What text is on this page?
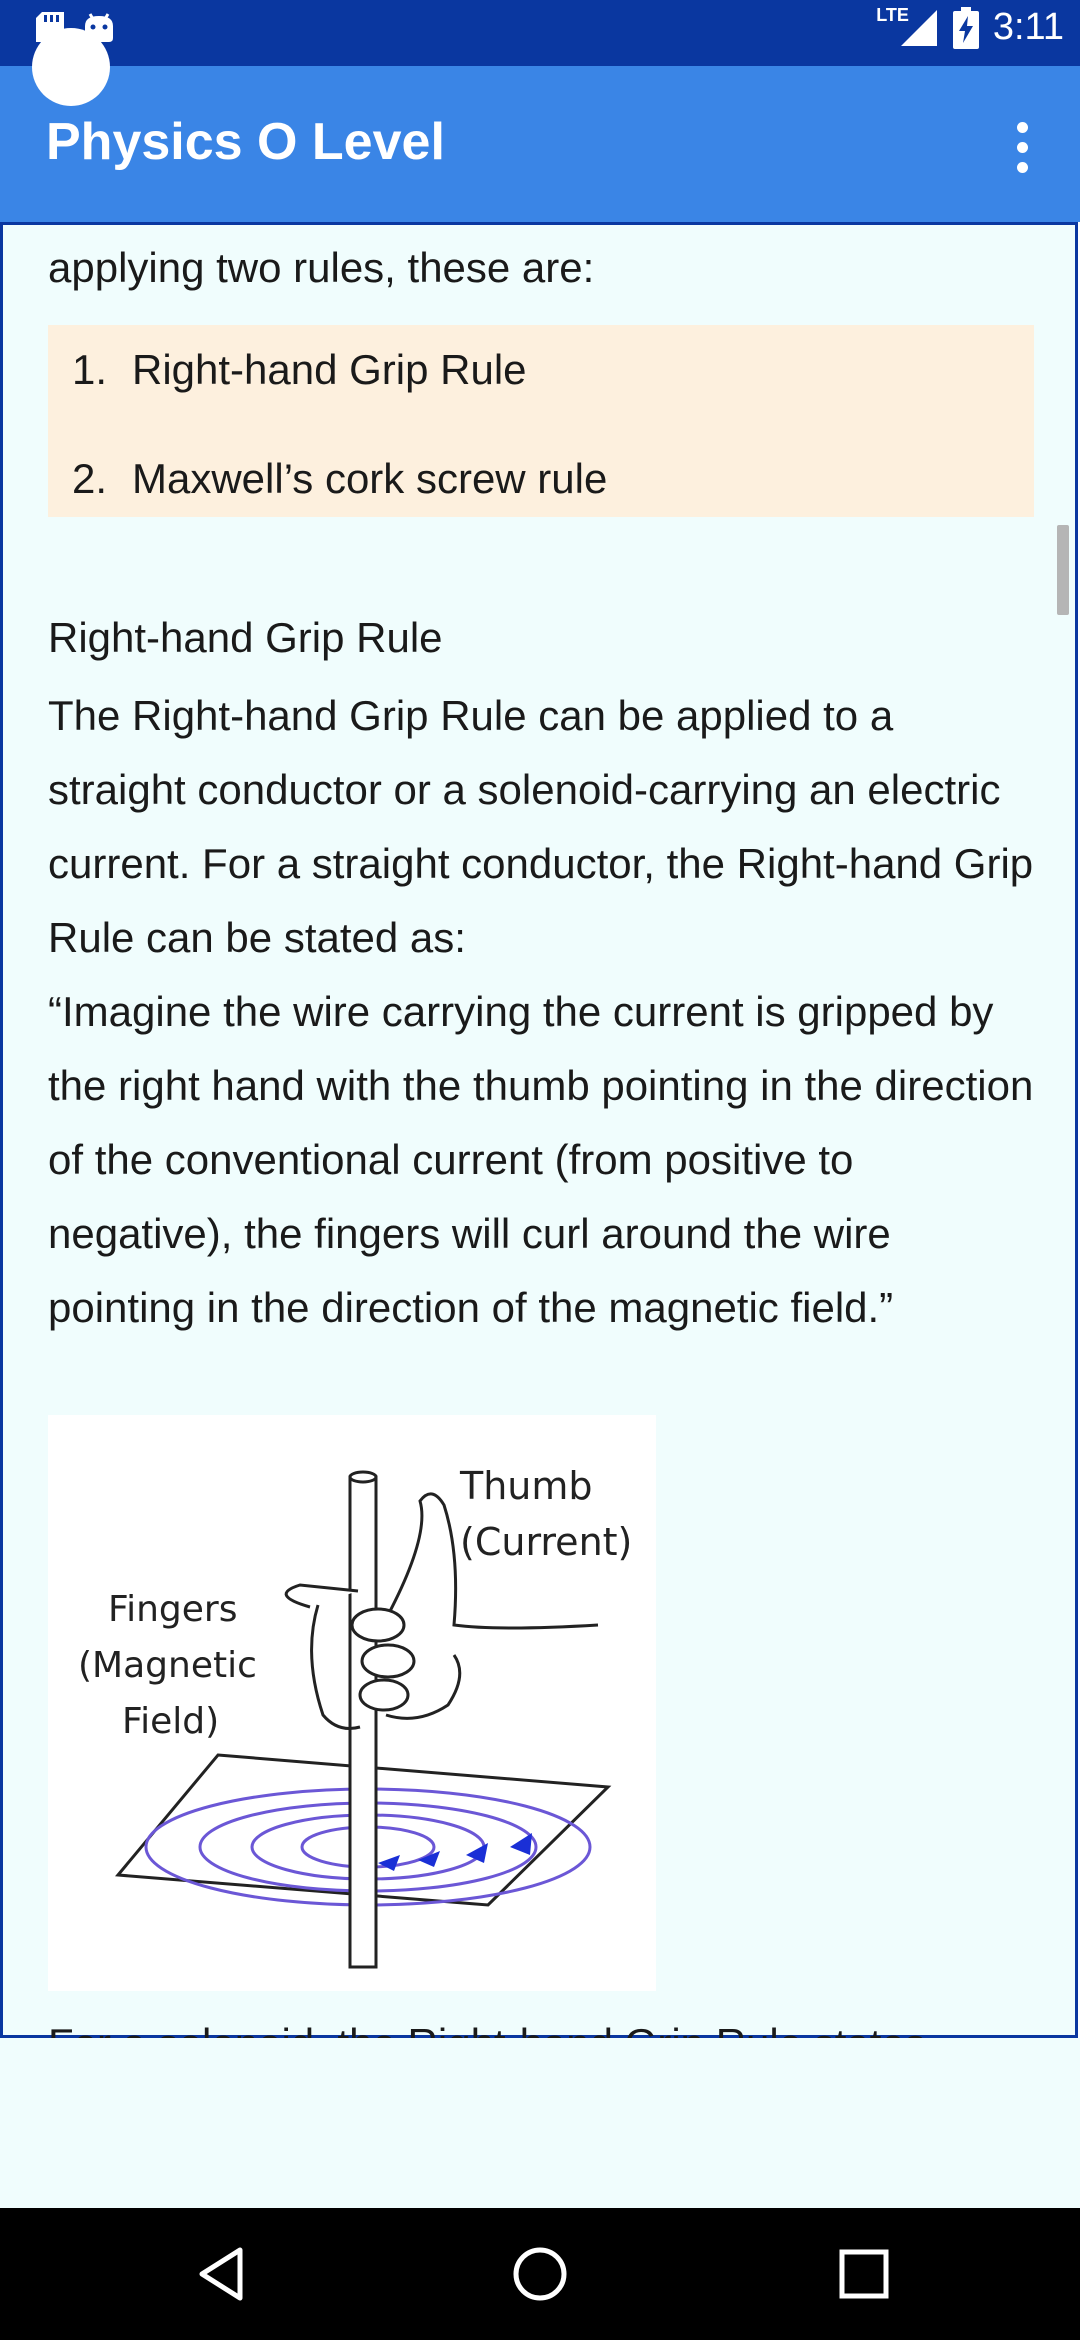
LTE 3:11
Physics O Level
applying two rules, these are:
1. Right-hand Grip Rule
2. Maxwell’s cork screw rule
Right-hand Grip Rule

The Right-hand Grip Rule can be applied to a straight conductor or a solenoid-carrying an electric current. For a straight conductor, the Right-hand Grip Rule can be stated as:

“Imagine the wire carrying the current is gripped by the right hand with the thumb pointing in the direction of the conventional current (from positive to negative), the fingers will curl around the wire pointing in the direction of the magnetic field.”

Thumb
(Current)
Fingers
(Magnetic
Field)
